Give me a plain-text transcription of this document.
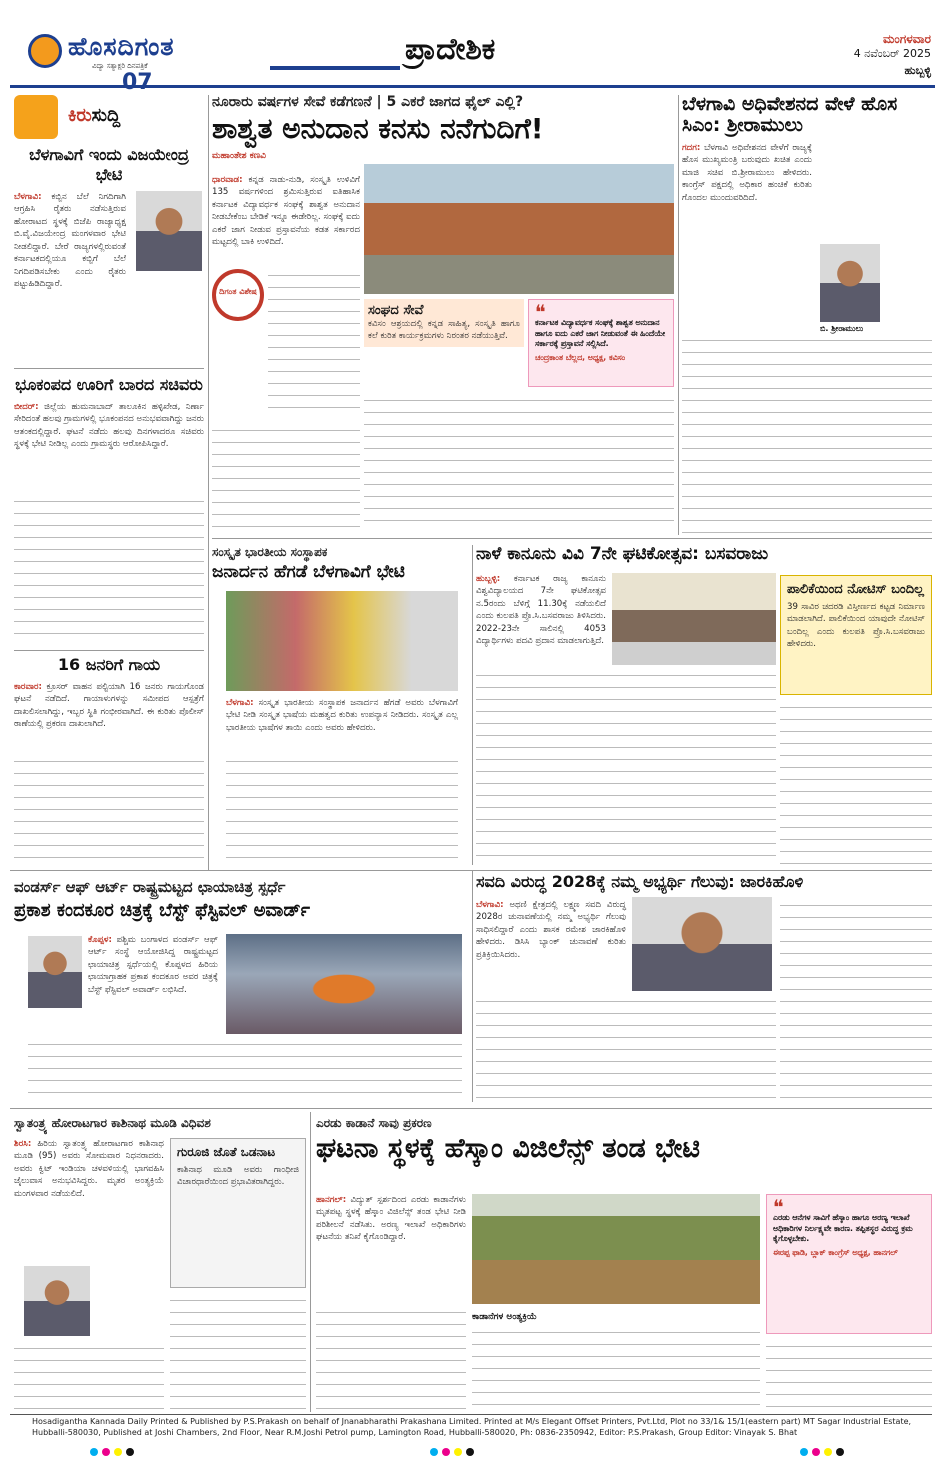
ಹೊಸದಿಗಂತ
ವಿದ್ಯಾ ಸತ್ಯಾಕ್ಷರಿ ದಿನಪತ್ರಿಕೆ
07
ಪ್ರಾದೇಶಿಕ	ಮಂಗಳವಾರ
4 ನವೆಂಬರ್ 2025
ಹುಬ್ಬಳ್ಳಿ
ಕಿರುಸುದ್ದಿ
ಬೆಳಗಾವಿಗೆ ಇಂದು ವಿಜಯೇಂದ್ರ ಭೇಟಿ
ಬೆಳಗಾವಿ: ಕಬ್ಬಿನ ಬೆಲೆ ನಿಗದಿಗಾಗಿ ಆಗ್ರಹಿಸಿ ರೈತರು ನಡೆಸುತ್ತಿರುವ ಹೋರಾಟದ ಸ್ಥಳಕ್ಕೆ ಬಿಜೆಪಿ ರಾಜ್ಯಾಧ್ಯಕ್ಷ ಬಿ.ವೈ.ವಿಜಯೇಂದ್ರ ಮಂಗಳವಾರ ಭೇಟಿ ನೀಡಲಿದ್ದಾರೆ. ಬೇರೆ ರಾಜ್ಯಗಳಲ್ಲಿರುವಂತೆ ಕರ್ನಾಟಕದಲ್ಲಿಯೂ ಕಬ್ಬಿಗೆ ಬೆಲೆ ನಿಗದಿಪಡಿಸಬೇಕು ಎಂದು ರೈತರು ಪಟ್ಟುಹಿಡಿದಿದ್ದಾರೆ.
ಭೂಕಂಪದ ಊರಿಗೆ ಬಾರದ ಸಚಿವರು
ಬೀದರ್: ಜಿಲ್ಲೆಯ ಹುಮನಾಬಾದ್ ತಾಲೂಕಿನ ಹಳ್ಳಿಖೇಡ, ನಿರ್ಣಾ ಸೇರಿದಂತೆ ಹಲವು ಗ್ರಾಮಗಳಲ್ಲಿ ಭೂಕಂಪನದ ಅನುಭವವಾಗಿದ್ದು ಜನರು ಆತಂಕದಲ್ಲಿದ್ದಾರೆ. ಘಟನೆ ನಡೆದು ಹಲವು ದಿನಗಳಾದರೂ ಸಚಿವರು ಸ್ಥಳಕ್ಕೆ ಭೇಟಿ ನೀಡಿಲ್ಲ ಎಂದು ಗ್ರಾಮಸ್ಥರು ಆರೋಪಿಸಿದ್ದಾರೆ.
16 ಜನರಿಗೆ ಗಾಯ
ಕಾರವಾರ: ಕ್ರೂಸರ್ ವಾಹನ ಪಲ್ಟಿಯಾಗಿ 16 ಜನರು ಗಾಯಗೊಂಡ ಘಟನೆ ನಡೆದಿದೆ. ಗಾಯಾಳುಗಳನ್ನು ಸಮೀಪದ ಆಸ್ಪತ್ರೆಗೆ ದಾಖಲಿಸಲಾಗಿದ್ದು, ಇಬ್ಬರ ಸ್ಥಿತಿ ಗಂಭೀರವಾಗಿದೆ. ಈ ಕುರಿತು ಪೊಲೀಸ್ ಠಾಣೆಯಲ್ಲಿ ಪ್ರಕರಣ ದಾಖಲಾಗಿದೆ.
ನೂರಾರು ವರ್ಷಗಳ ಸೇವೆ ಕಡೆಗಣನೆ | 5 ಎಕರೆ ಜಾಗದ ಫೈಲ್ ಎಲ್ಲಿ?
ಶಾಶ್ವತ ಅನುದಾನ ಕನಸು ನನೆಗುದಿಗೆ!
ಮಹಾಂತೇಶ ಕಣವಿ
ಧಾರವಾಡ: ಕನ್ನಡ ನಾಡು-ನುಡಿ, ಸಂಸ್ಕೃತಿ ಉಳಿವಿಗೆ 135 ವರ್ಷಗಳಿಂದ ಶ್ರಮಿಸುತ್ತಿರುವ ಐತಿಹಾಸಿಕ ಕರ್ನಾಟಕ ವಿದ್ಯಾವರ್ಧಕ ಸಂಘಕ್ಕೆ ಶಾಶ್ವತ ಅನುದಾನ ನೀಡಬೇಕೆಂಬ ಬೇಡಿಕೆ ಇನ್ನೂ ಈಡೇರಿಲ್ಲ. ಸಂಘಕ್ಕೆ ಐದು ಎಕರೆ ಜಾಗ ನೀಡುವ ಪ್ರಸ್ತಾವನೆಯ ಕಡತ ಸರ್ಕಾರದ ಮಟ್ಟದಲ್ಲಿ ಬಾಕಿ ಉಳಿದಿದೆ.
ದಿಗಂತ ವಿಶೇಷ
ಸಂಘದ ಸೇವೆ
ಕವಿಸಂ ಆಶ್ರಯದಲ್ಲಿ ಕನ್ನಡ ಸಾಹಿತ್ಯ, ಸಂಸ್ಕೃತಿ ಹಾಗೂ ಕಲೆ ಕುರಿತ ಕಾರ್ಯಕ್ರಮಗಳು ನಿರಂತರ ನಡೆಯುತ್ತಿವೆ.
❝
ಕರ್ನಾಟಕ ವಿದ್ಯಾವರ್ಧಕ ಸಂಘಕ್ಕೆ ಶಾಶ್ವತ ಅನುದಾನ ಹಾಗೂ ಐದು ಎಕರೆ ಜಾಗ ನೀಡುವಂತೆ ಈ ಹಿಂದೆಯೇ ಸರ್ಕಾರಕ್ಕೆ ಪ್ರಸ್ತಾವನೆ ಸಲ್ಲಿಸಿದೆ.
ಚಂದ್ರಕಾಂತ ಬೆಲ್ಲದ, ಅಧ್ಯಕ್ಷ, ಕವಿಸಂ
ಬೆಳಗಾವಿ ಅಧಿವೇಶನದ ವೇಳೆ ಹೊಸ ಸಿಎಂ: ಶ್ರೀರಾಮುಲು
ಗದಗ: ಬೆಳಗಾವಿ ಅಧಿವೇಶನದ ವೇಳೆಗೆ ರಾಜ್ಯಕ್ಕೆ ಹೊಸ ಮುಖ್ಯಮಂತ್ರಿ ಬರುವುದು ಖಚಿತ ಎಂದು ಮಾಜಿ ಸಚಿವ ಬಿ.ಶ್ರೀರಾಮುಲು ಹೇಳಿದರು. ಕಾಂಗ್ರೆಸ್ ಪಕ್ಷದಲ್ಲಿ ಅಧಿಕಾರ ಹಂಚಿಕೆ ಕುರಿತು ಗೊಂದಲ ಮುಂದುವರಿದಿದೆ.
ಬಿ. ಶ್ರೀರಾಮುಲು
ಸಂಸ್ಕೃತ ಭಾರತೀಯ ಸಂಸ್ಥಾಪಕ
ಜನಾರ್ದನ ಹೆಗಡೆ ಬೆಳಗಾವಿಗೆ ಭೇಟಿ
ಬೆಳಗಾವಿ: ಸಂಸ್ಕೃತ ಭಾರತೀಯ ಸಂಸ್ಥಾಪಕ ಜನಾರ್ದನ ಹೆಗಡೆ ಅವರು ಬೆಳಗಾವಿಗೆ ಭೇಟಿ ನೀಡಿ ಸಂಸ್ಕೃತ ಭಾಷೆಯ ಮಹತ್ವದ ಕುರಿತು ಉಪನ್ಯಾಸ ನೀಡಿದರು. ಸಂಸ್ಕೃತ ಎಲ್ಲ ಭಾರತೀಯ ಭಾಷೆಗಳ ತಾಯಿ ಎಂದು ಅವರು ಹೇಳಿದರು.
ನಾಳೆ ಕಾನೂನು ವಿವಿ 7ನೇ ಘಟಿಕೋತ್ಸವ: ಬಸವರಾಜು
ಹುಬ್ಬಳ್ಳಿ: ಕರ್ನಾಟಕ ರಾಜ್ಯ ಕಾನೂನು ವಿಶ್ವವಿದ್ಯಾಲಯದ 7ನೇ ಘಟಿಕೋತ್ಸವ ನ.5ರಂದು ಬೆಳಿಗ್ಗೆ 11.30ಕ್ಕೆ ನಡೆಯಲಿದೆ ಎಂದು ಕುಲಪತಿ ಪ್ರೊ.ಸಿ.ಬಸವರಾಜು ತಿಳಿಸಿದರು. 2022-23ನೇ ಸಾಲಿನಲ್ಲಿ 4053 ವಿದ್ಯಾರ್ಥಿಗಳು ಪದವಿ ಪ್ರದಾನ ಮಾಡಲಾಗುತ್ತಿದೆ.
ಪಾಲಿಕೆಯಿಂದ ನೋಟಿಸ್ ಬಂದಿಲ್ಲ
39 ಸಾವಿರ ಚದರಡಿ ವಿಸ್ತೀರ್ಣದ ಕಟ್ಟಡ ನಿರ್ಮಾಣ ಮಾಡಲಾಗಿದೆ. ಪಾಲಿಕೆಯಿಂದ ಯಾವುದೇ ನೋಟಿಸ್ ಬಂದಿಲ್ಲ ಎಂದು ಕುಲಪತಿ ಪ್ರೊ.ಸಿ.ಬಸವರಾಜು ಹೇಳಿದರು.
ವಂಡರ್ಸ್ ಆಫ್ ಆರ್ಟ್ ರಾಷ್ಟ್ರಮಟ್ಟದ ಛಾಯಾಚಿತ್ರ ಸ್ಪರ್ಧೆ
ಪ್ರಕಾಶ ಕಂದಕೂರ ಚಿತ್ರಕ್ಕೆ ಬೆಸ್ಟ್ ಫೆಸ್ಟಿವಲ್ ಅವಾರ್ಡ್
ಕೊಪ್ಪಳ: ಪಶ್ಚಿಮ ಬಂಗಾಳದ ವಂಡರ್ಸ್ ಆಫ್ ಆರ್ಟ್ ಸಂಸ್ಥೆ ಆಯೋಜಿಸಿದ್ದ ರಾಷ್ಟ್ರಮಟ್ಟದ ಛಾಯಾಚಿತ್ರ ಸ್ಪರ್ಧೆಯಲ್ಲಿ ಕೊಪ್ಪಳದ ಹಿರಿಯ ಛಾಯಾಗ್ರಾಹಕ ಪ್ರಕಾಶ ಕಂದಕೂರ ಅವರ ಚಿತ್ರಕ್ಕೆ ಬೆಸ್ಟ್ ಫೆಸ್ಟಿವಲ್ ಅವಾರ್ಡ್ ಲಭಿಸಿದೆ.
ಸವದಿ ವಿರುದ್ಧ 2028ಕ್ಕೆ ನಮ್ಮ ಅಭ್ಯರ್ಥಿ ಗೆಲುವು: ಜಾರಕಿಹೊಳಿ
ಬೆಳಗಾವಿ: ಅಥಣಿ ಕ್ಷೇತ್ರದಲ್ಲಿ ಲಕ್ಷ್ಮಣ ಸವದಿ ವಿರುದ್ಧ 2028ರ ಚುನಾವಣೆಯಲ್ಲಿ ನಮ್ಮ ಅಭ್ಯರ್ಥಿ ಗೆಲುವು ಸಾಧಿಸಲಿದ್ದಾರೆ ಎಂದು ಶಾಸಕ ರಮೇಶ ಜಾರಕಿಹೊಳಿ ಹೇಳಿದರು. ಡಿಸಿಸಿ ಬ್ಯಾಂಕ್ ಚುನಾವಣೆ ಕುರಿತು ಪ್ರತಿಕ್ರಿಯಿಸಿದರು.
ಸ್ವಾತಂತ್ರ್ಯ ಹೋರಾಟಗಾರ ಕಾಶಿನಾಥ ಮೂಡಿ ವಿಧಿವಶ
ಶಿರಸಿ: ಹಿರಿಯ ಸ್ವಾತಂತ್ರ್ಯ ಹೋರಾಟಗಾರ ಕಾಶಿನಾಥ ಮೂಡಿ (95) ಅವರು ಸೋಮವಾರ ನಿಧನರಾದರು. ಅವರು ಕ್ವಿಟ್ ಇಂಡಿಯಾ ಚಳವಳಿಯಲ್ಲಿ ಭಾಗವಹಿಸಿ ಜೈಲುವಾಸ ಅನುಭವಿಸಿದ್ದರು. ಮೃತರ ಅಂತ್ಯಕ್ರಿಯೆ ಮಂಗಳವಾರ ನಡೆಯಲಿದೆ.
ಗುರೂಜಿ ಜೊತೆ ಒಡನಾಟ
ಕಾಶಿನಾಥ ಮೂಡಿ ಅವರು ಗಾಂಧೀಜಿ ವಿಚಾರಧಾರೆಯಿಂದ ಪ್ರಭಾವಿತರಾಗಿದ್ದರು.
ಎರಡು ಕಾಡಾನೆ ಸಾವು ಪ್ರಕರಣ
ಘಟನಾ ಸ್ಥಳಕ್ಕೆ ಹೆಸ್ಕಾಂ ವಿಜಿಲೆನ್ಸ್ ತಂಡ ಭೇಟಿ
ಹಾನಗಲ್: ವಿದ್ಯುತ್ ಸ್ಪರ್ಶದಿಂದ ಎರಡು ಕಾಡಾನೆಗಳು ಮೃತಪಟ್ಟ ಸ್ಥಳಕ್ಕೆ ಹೆಸ್ಕಾಂ ವಿಜಿಲೆನ್ಸ್ ತಂಡ ಭೇಟಿ ನೀಡಿ ಪರಿಶೀಲನೆ ನಡೆಸಿತು. ಅರಣ್ಯ ಇಲಾಖೆ ಅಧಿಕಾರಿಗಳು ಘಟನೆಯ ತನಿಖೆ ಕೈಗೊಂಡಿದ್ದಾರೆ.
ಕಾಡಾನೆಗಳ ಅಂತ್ಯಕ್ರಿಯೆ
❝
ಎರಡು ಆನೆಗಳ ಸಾವಿಗೆ ಹೆಸ್ಕಾಂ ಹಾಗೂ ಅರಣ್ಯ ಇಲಾಖೆ ಅಧಿಕಾರಿಗಳ ನಿರ್ಲಕ್ಷ್ಯವೇ ಕಾರಣ. ತಪ್ಪಿತಸ್ಥರ ವಿರುದ್ಧ ಕ್ರಮ ಕೈಗೊಳ್ಳಬೇಕು.
ಈರಪ್ಪ ಫಾಡಿ, ಬ್ಲಾಕ್ ಕಾಂಗ್ರೆಸ್ ಅಧ್ಯಕ್ಷ, ಹಾನಗಲ್
Hosadigantha Kannada Daily Printed & Published by P.S.Prakash on behalf of Jnanabharathi Prakashana Limited. Printed at M/s Elegant Offset Printers, Pvt.Ltd, Plot no 33/1& 15/1(eastern part) MT Sagar Industrial Estate, Hubballi-580030, Published at Joshi Chambers, 2nd Floor, Near R.M.Joshi Petrol pump, Lamington Road, Hubballi-580020, Ph: 0836-2350942, Editor: P.S.Prakash, Group Editor: Vinayak S. Bhat
